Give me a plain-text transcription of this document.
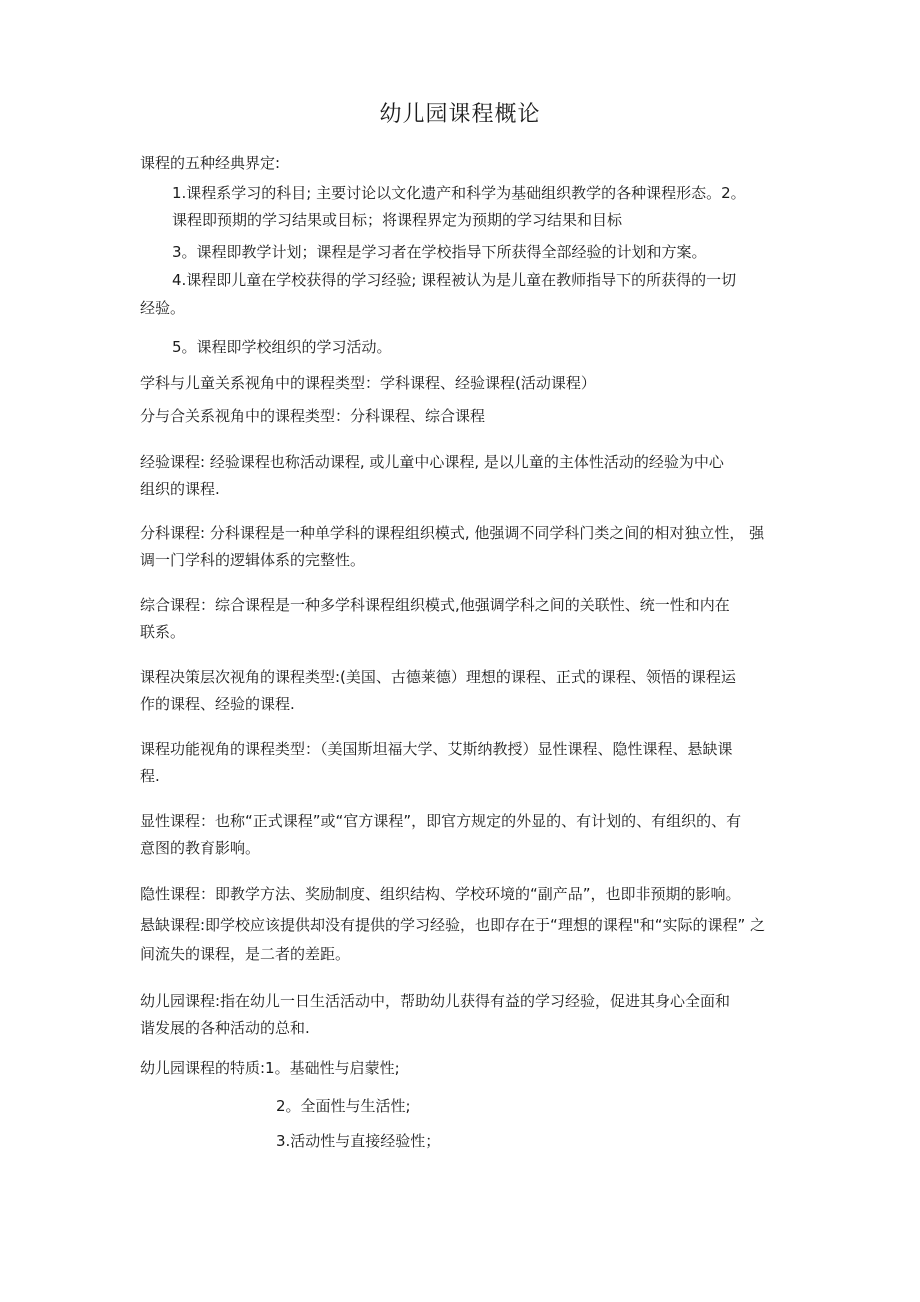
幼儿园课程概论
课程的五种经典界定:
1.课程系学习的科目; 主要讨论以文化遗产和科学为基础组织教学的各种课程形态。2。
课程即预期的学习结果或目标；将课程界定为预期的学习结果和目标
3。课程即教学计划；课程是学习者在学校指导下所获得全部经验的计划和方案。
4.课程即儿童在学校获得的学习经验; 课程被认为是儿童在教师指导下的所获得的一切
经验。
5。课程即学校组织的学习活动。
学科与儿童关系视角中的课程类型：学科课程、经验课程(活动课程）
分与合关系视角中的课程类型：分科课程、综合课程
经验课程: 经验课程也称活动课程, 或儿童中心课程, 是以儿童的主体性活动的经验为中心
组织的课程.
分科课程: 分科课程是一种单学科的课程组织模式, 他强调不同学科门类之间的相对独立性， 强
调一门学科的逻辑体系的完整性。
综合课程：综合课程是一种多学科课程组织模式,他强调学科之间的关联性、统一性和内在
联系。
课程决策层次视角的课程类型:(美国、古德莱德）理想的课程、正式的课程、领悟的课程运
作的课程、经验的课程.
课程功能视角的课程类型：（美国斯坦福大学、艾斯纳教授）显性课程、隐性课程、悬缺课
程.
显性课程：也称“正式课程”或“官方课程”，即官方规定的外显的、有计划的、有组织的、有
意图的教育影响。
隐性课程：即教学方法、奖励制度、组织结构、学校环境的“副产品”，也即非预期的影响。
悬缺课程:即学校应该提供却没有提供的学习经验，也即存在于“理想的课程"和“实际的课程” 之
间流失的课程，是二者的差距。
幼儿园课程:指在幼儿一日生活活动中，帮助幼儿获得有益的学习经验，促进其身心全面和
谐发展的各种活动的总和.
幼儿园课程的特质:1。基础性与启蒙性;
2。全面性与生活性;
3.活动性与直接经验性；
